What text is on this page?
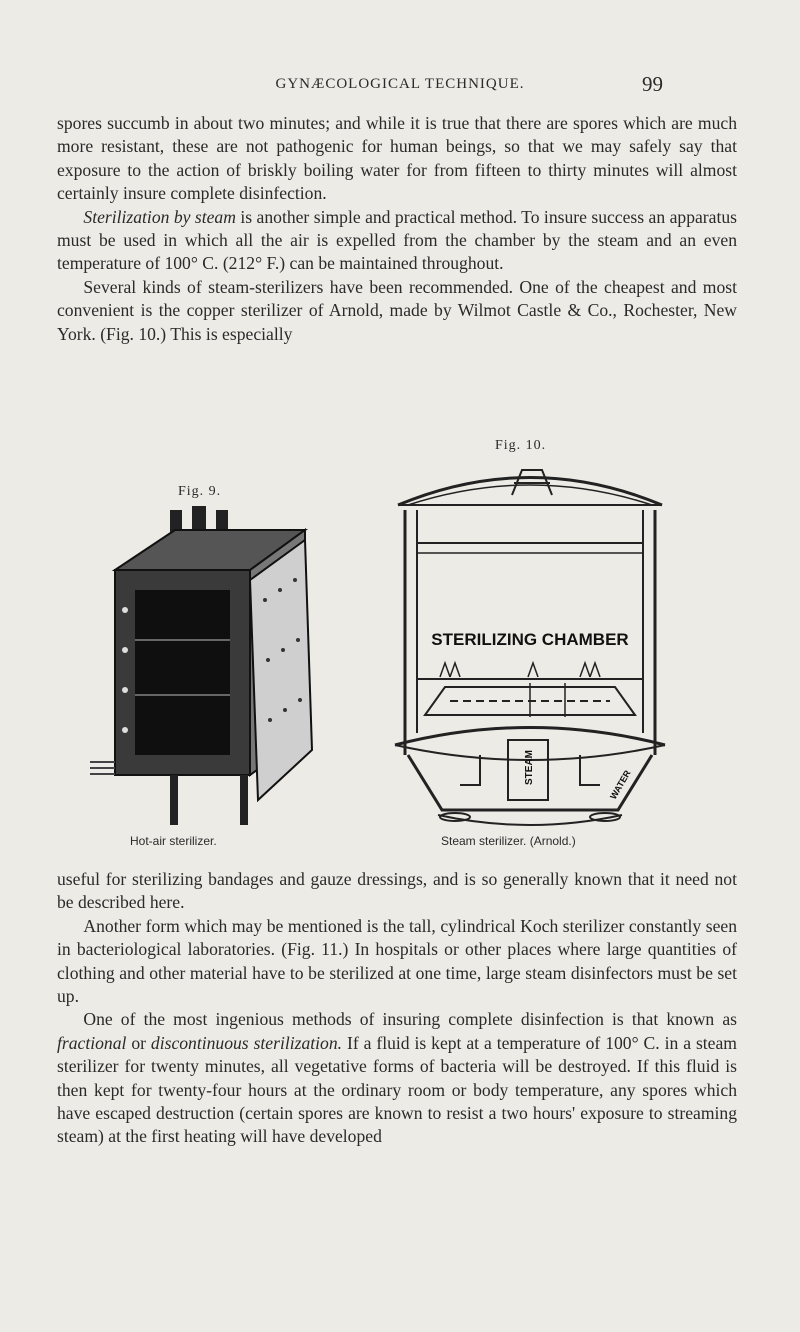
GYNÆCOLOGICAL TECHNIQUE.	99

spores succumb in about two minutes; and while it is true that there are spores which are much more resistant, these are not pathogenic for human beings, so that we may safely say that exposure to the action of briskly boiling water for from fifteen to thirty minutes will almost certainly insure complete disinfection.

Sterilization by steam is another simple and practical method. To insure success an apparatus must be used in which all the air is expelled from the chamber by the steam and an even temperature of 100° C. (212° F.) can be maintained throughout.

Several kinds of steam-sterilizers have been recommended. One of the cheapest and most convenient is the copper sterilizer of Arnold, made by Wilmot Castle & Co., Rochester, New York. (Fig. 10.) This is especially

Fig. 9.
Hot-air sterilizer.
Fig. 10.
STERILIZING CHAMBER
STEAM	WATER
Steam sterilizer. (Arnold.)

useful for sterilizing bandages and gauze dressings, and is so generally known that it need not be described here.

Another form which may be mentioned is the tall, cylindrical Koch sterilizer constantly seen in bacteriological laboratories. (Fig. 11.) In hospitals or other places where large quantities of clothing and other material have to be sterilized at one time, large steam disinfectors must be set up.

One of the most ingenious methods of insuring complete disinfection is that known as fractional or discontinuous sterilization. If a fluid is kept at a temperature of 100° C. in a steam sterilizer for twenty minutes, all vegetative forms of bacteria will be destroyed. If this fluid is then kept for twenty-four hours at the ordinary room or body temperature, any spores which have escaped destruction (certain spores are known to resist a two hours' exposure to streaming steam) at the first heating will have developed
